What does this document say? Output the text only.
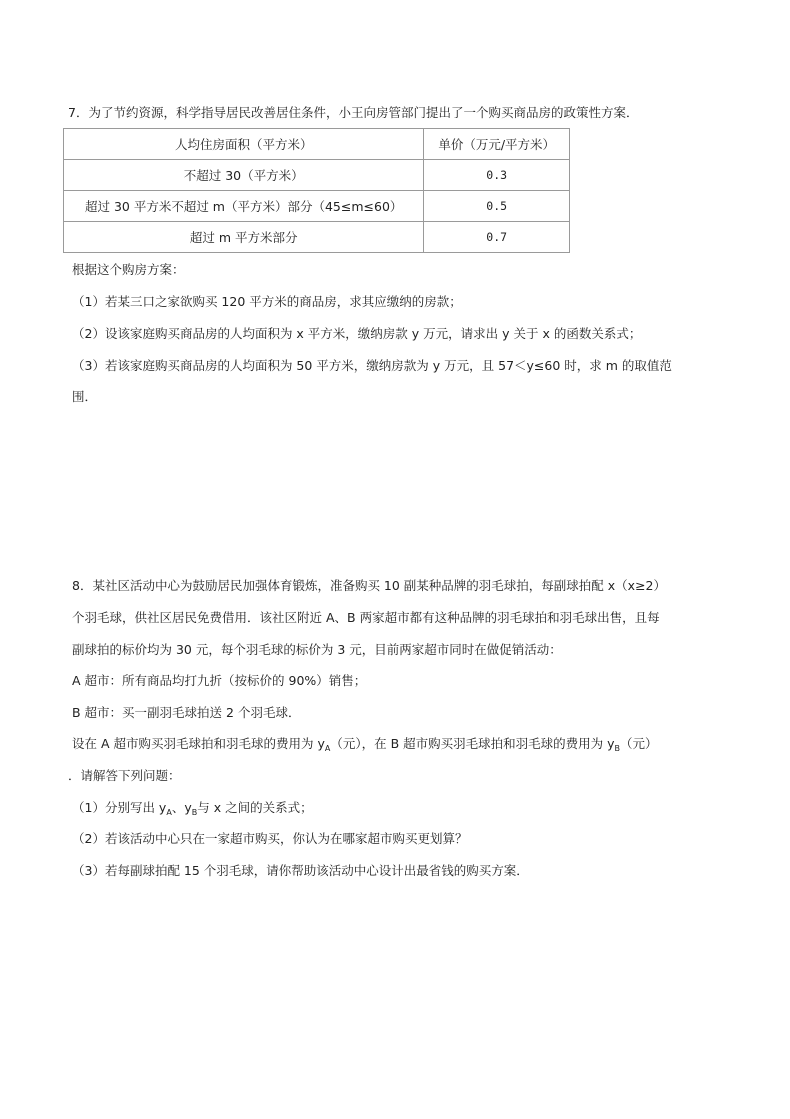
7．为了节约资源，科学指导居民改善居住条件，小王向房管部门提出了一个购买商品房的政策性方案．
人均住房面积（平方米）	单价（万元/平方米）
不超过 30（平方米）	0.3
超过 30 平方米不超过 m（平方米）部分（45≤m≤60）	0.5
超过 m 平方米部分	0.7
根据这个购房方案：
（1）若某三口之家欲购买 120 平方米的商品房，求其应缴纳的房款；
（2）设该家庭购买商品房的人均面积为 x 平方米，缴纳房款 y 万元，请求出 y 关于 x 的函数关系式；
（3）若该家庭购买商品房的人均面积为 50 平方米，缴纳房款为 y 万元，且 57＜y≤60 时，求 m 的取值范
围．
8．某社区活动中心为鼓励居民加强体育锻炼，准备购买 10 副某种品牌的羽毛球拍，每副球拍配 x（x≥2）
个羽毛球，供社区居民免费借用．该社区附近 A、B 两家超市都有这种品牌的羽毛球拍和羽毛球出售，且每
副球拍的标价均为 30 元，每个羽毛球的标价为 3 元，目前两家超市同时在做促销活动：
A 超市：所有商品均打九折（按标价的 90%）销售；
B 超市：买一副羽毛球拍送 2 个羽毛球．
设在 A 超市购买羽毛球拍和羽毛球的费用为 $y_A$（元），在 B 超市购买羽毛球拍和羽毛球的费用为 $y_B$（元）
．请解答下列问题：
（1）分别写出 $y_A$、$y_B$与 x 之间的关系式；
（2）若该活动中心只在一家超市购买，你认为在哪家超市购买更划算？
（3）若每副球拍配 15 个羽毛球，请你帮助该活动中心设计出最省钱的购买方案．
